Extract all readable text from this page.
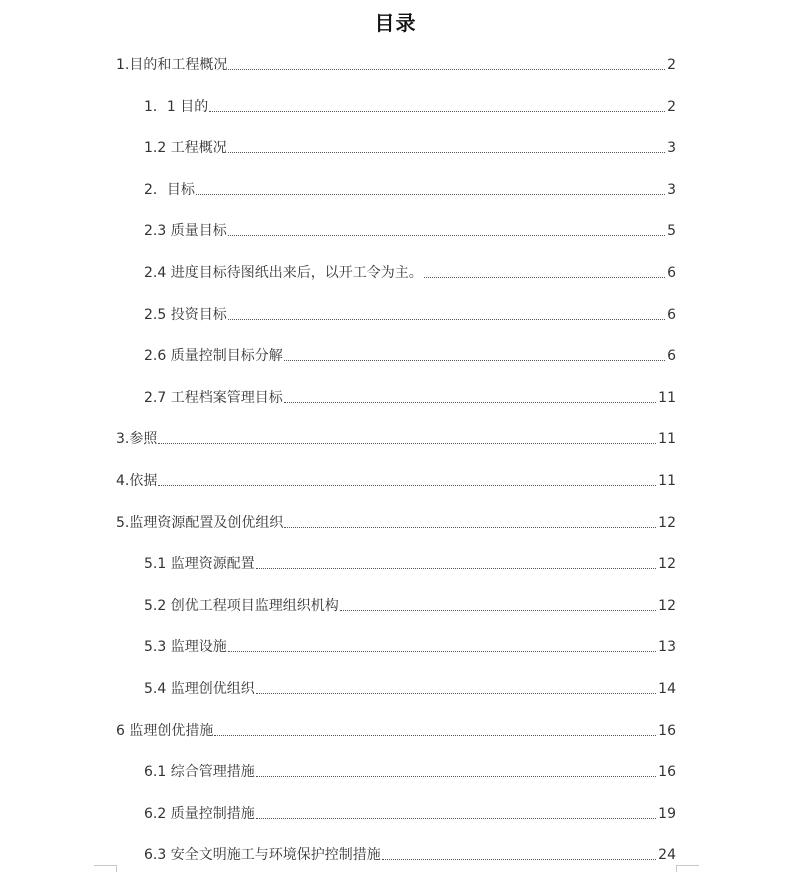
目录
1.目的和工程概况	2
1．1 目的	2
1.2 工程概况	3
2．目标	3
2.3 质量目标	5
2.4 进度目标待图纸出来后，以开工令为主。	6
2.5 投资目标	6
2.6 质量控制目标分解	6
2.7 工程档案管理目标	11
3.参照	11
4.依据	11
5.监理资源配置及创优组织	12
5.1 监理资源配置	12
5.2 创优工程项目监理组织机构	12
5.3 监理设施	13
5.4 监理创优组织	14
6 监理创优措施	16
6.1 综合管理措施	16
6.2 质量控制措施	19
6.3 安全文明施工与环境保护控制措施	24
